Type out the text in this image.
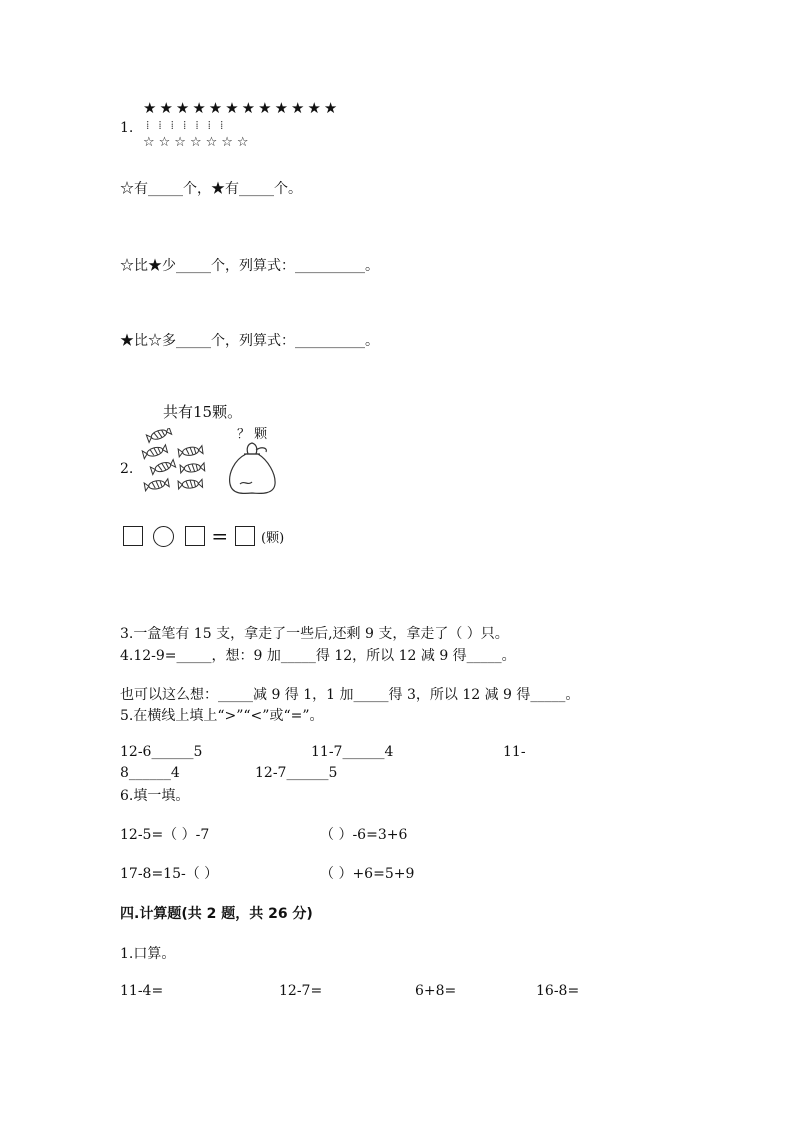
★★★★★★★★★★★★
1. ⁞⁞⁞⁞⁞⁞⁞
☆☆☆☆☆☆☆
☆有_____个，★有_____个。
☆比★少_____个，列算式：__________。
★比☆多_____个，列算式：__________。
共有15颗。
？ 颗
2.
=	(颗)
3.一盒笔有 15 支，拿走了一些后,还剩 9 支，拿走了（ ）只。
4.12-9=_____，想：9 加_____得 12，所以 12 减 9 得_____。
也可以这么想：_____减 9 得 1，1 加_____得 3，所以 12 减 9 得_____。
5.在横线上填上“>”“<”或“=”。
12-6______5	11-7______4	11-
8______4	12-7______5
6.填一填。
12-5=（ ）-7	（ ）-6=3+6
17-8=15-（ ）	（ ）+6=5+9
四.计算题(共 2 题，共 26 分)
1.口算。
11-4=	12-7=	6+8=	16-8=
